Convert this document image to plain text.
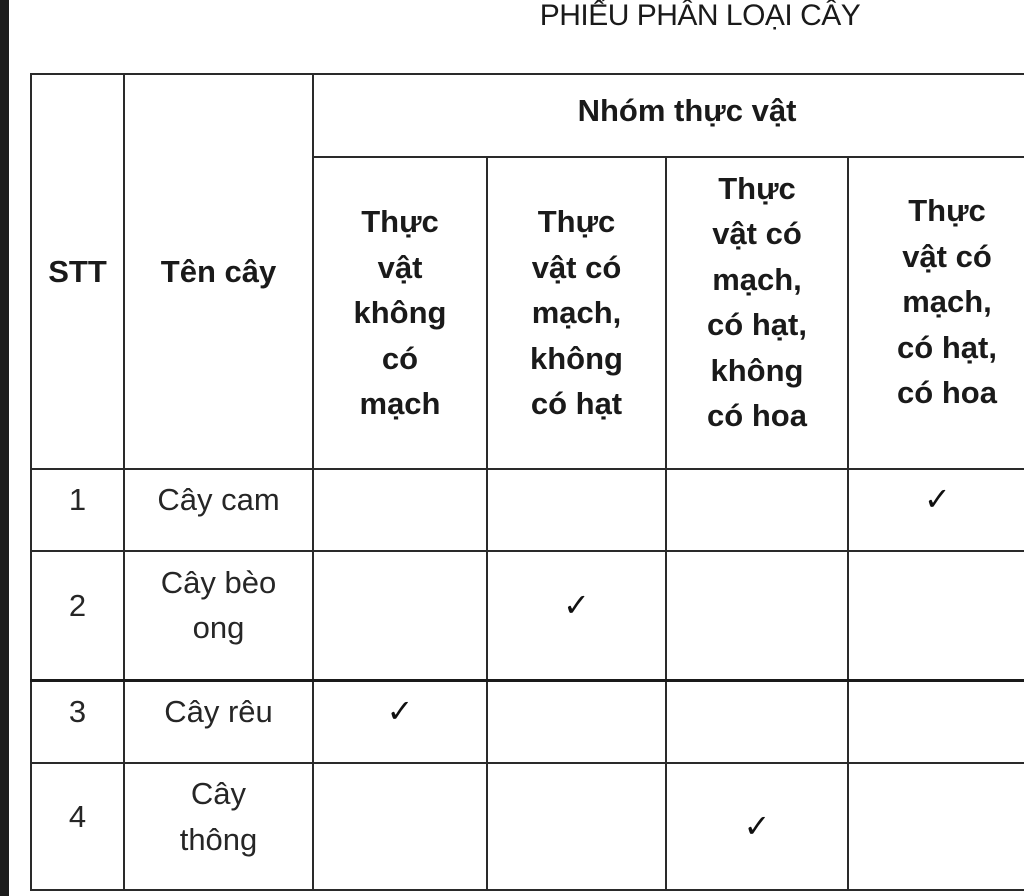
PHIẾU PHÂN LOẠI CÂY
STT	Tên cây	Nhóm thực vật			

		Thực vật không có mạch	Thực vật có mạch, không có hạt	Thực vật có mạch, có hạt, không có hoa	Thực vật có mạch, có hạt, có hoa

1	Cây cam				✓
2	Cây bèo ong		✓		
3	Cây rêu	✓			
4	Cây thông			✓	
